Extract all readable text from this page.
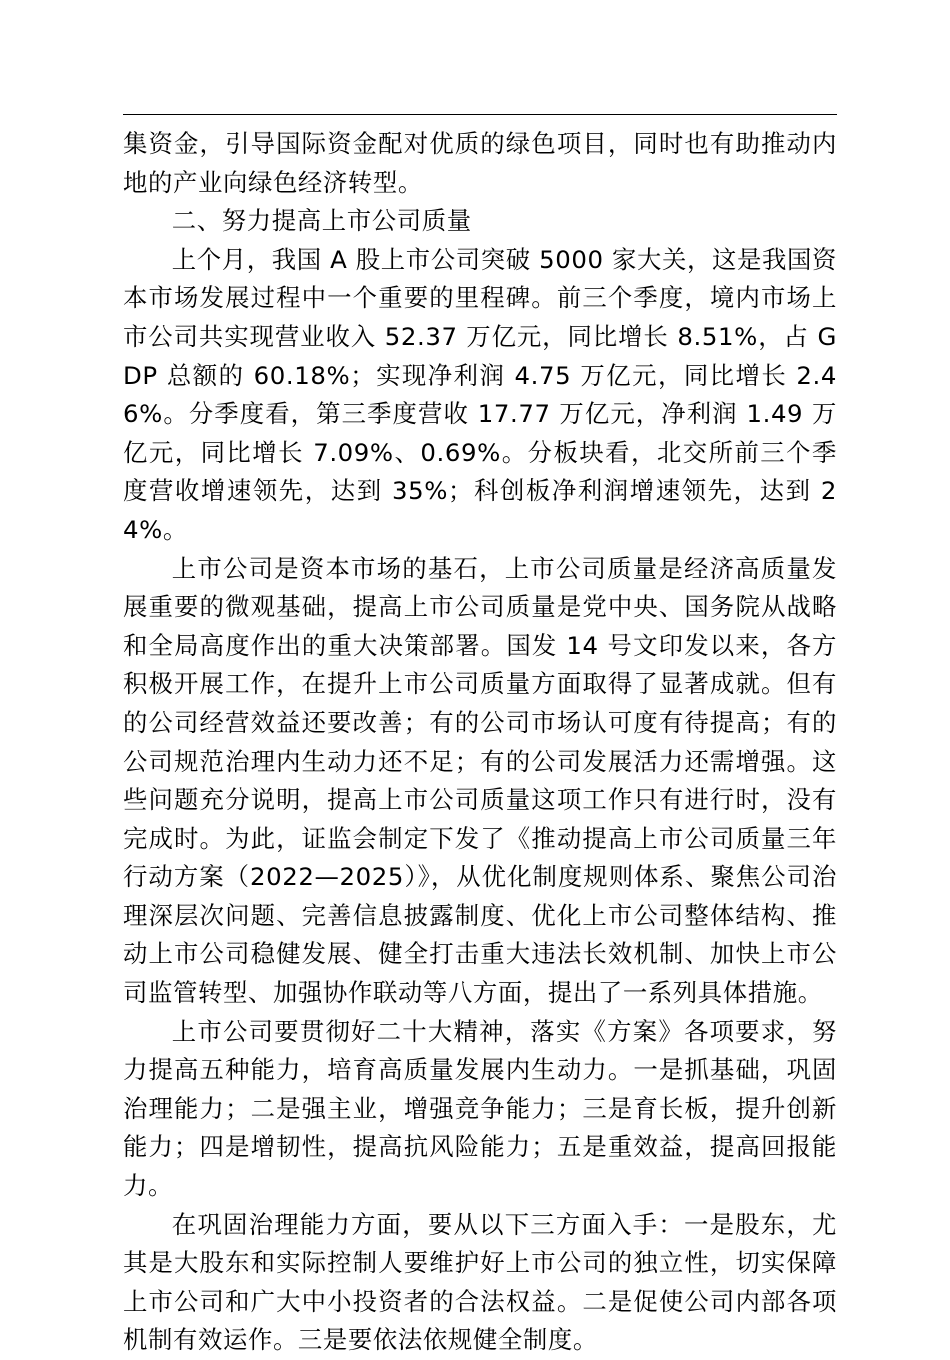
集资金，引导国际资金配对优质的绿色项目，同时也有助推动内地的产业向绿色经济转型。

二、努力提高上市公司质量

上个月，我国 A 股上市公司突破 5000 家大关，这是我国资本市场发展过程中一个重要的里程碑。前三个季度，境内市场上市公司共实现营业收入 52.37 万亿元，同比增长 8.51%，占 GDP 总额的 60.18%；实现净利润 4.75 万亿元，同比增长 2.46%。分季度看，第三季度营收 17.77 万亿元，净利润 1.49 万亿元，同比增长 7.09%、0.69%。分板块看，北交所前三个季度营收增速领先，达到 35%；科创板净利润增速领先，达到 24%。

上市公司是资本市场的基石，上市公司质量是经济高质量发展重要的微观基础，提高上市公司质量是党中央、国务院从战略和全局高度作出的重大决策部署。国发 14 号文印发以来，各方积极开展工作，在提升上市公司质量方面取得了显著成就。但有的公司经营效益还要改善；有的公司市场认可度有待提高；有的公司规范治理内生动力还不足；有的公司发展活力还需增强。这些问题充分说明，提高上市公司质量这项工作只有进行时，没有完成时。为此，证监会制定下发了《推动提高上市公司质量三年行动方案（2022—2025）》，从优化制度规则体系、聚焦公司治理深层次问题、完善信息披露制度、优化上市公司整体结构、推动上市公司稳健发展、健全打击重大违法长效机制、加快上市公司监管转型、加强协作联动等八方面，提出了一系列具体措施。

上市公司要贯彻好二十大精神，落实《方案》各项要求，努力提高五种能力，培育高质量发展内生动力。一是抓基础，巩固治理能力；二是强主业，增强竞争能力；三是育长板，提升创新能力；四是增韧性，提高抗风险能力；五是重效益，提高回报能力。

在巩固治理能力方面，要从以下三方面入手：一是股东，尤其是大股东和实际控制人要维护好上市公司的独立性，切实保障上市公司和广大中小投资者的合法权益。二是促使公司内部各项机制有效运作。三是要依法依规健全制度。
